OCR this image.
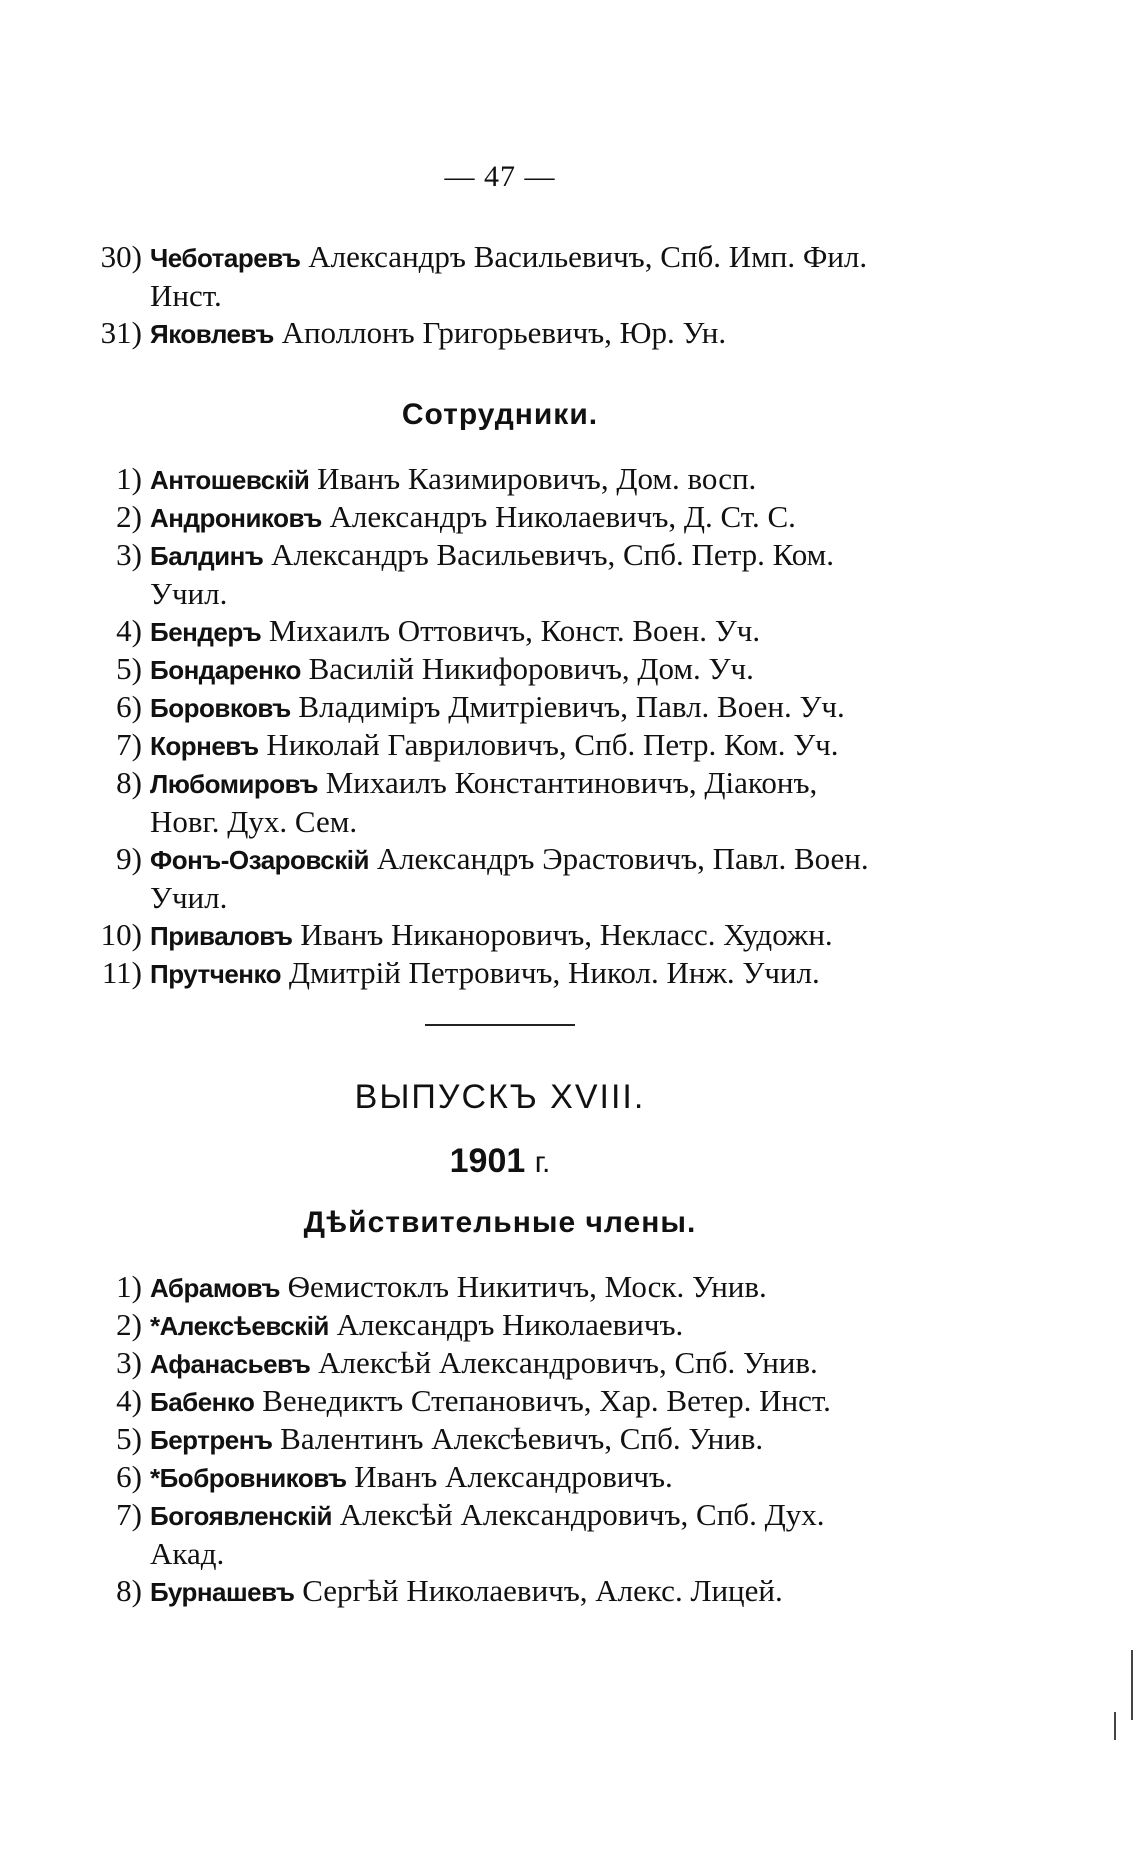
— 47 —
30) Чеботаревъ Александръ Васильевичъ, Спб. Имп. Фил.
Инст.
31) Яковлевъ Аполлонъ Григорьевичъ, Юр. Ун.
Сотрудники.
1) Антошевскій Иванъ Казимировичъ, Дом. восп.
2) Андрониковъ Александръ Николаевичъ, Д. Ст. С.
3) Балдинъ Александръ Васильевичъ, Спб. Петр. Ком.
Учил.
4) Бендеръ Михаилъ Оттовичъ, Конст. Воен. Уч.
5) Бондаренко Василій Никифоровичъ, Дом. Уч.
6) Боровковъ Владиміръ Дмитріевичъ, Павл. Воен. Уч.
7) Корневъ Николай Гавриловичъ, Спб. Петр. Ком. Уч.
8) Любомировъ Михаилъ Константиновичъ, Діаконъ,
Новг. Дух. Сем.
9) Фонъ-Озаровскій Александръ Эрастовичъ, Павл. Воен.
Учил.
10) Приваловъ Иванъ Никаноровичъ, Некласс. Художн.
11) Прутченко Дмитрій Петровичъ, Никол. Инж. Учил.
ВЫПУСКЪ XVIII.
1901 г.
Дѣйствительные члены.
1) Абрамовъ Ѳемистоклъ Никитичъ, Моск. Унив.
2) *Алексѣевскій Александръ Николаевичъ.
3) Афанасьевъ Алексѣй Александровичъ, Спб. Унив.
4) Бабенко Венедиктъ Степановичъ, Хар. Ветер. Инст.
5) Бертренъ Валентинъ Алексѣевичъ, Спб. Унив.
6) *Бобровниковъ Иванъ Александровичъ.
7) Богоявленскій Алексѣй Александровичъ, Спб. Дух.
Акад.
8) Бурнашевъ Сергѣй Николаевичъ, Алекс. Лицей.
